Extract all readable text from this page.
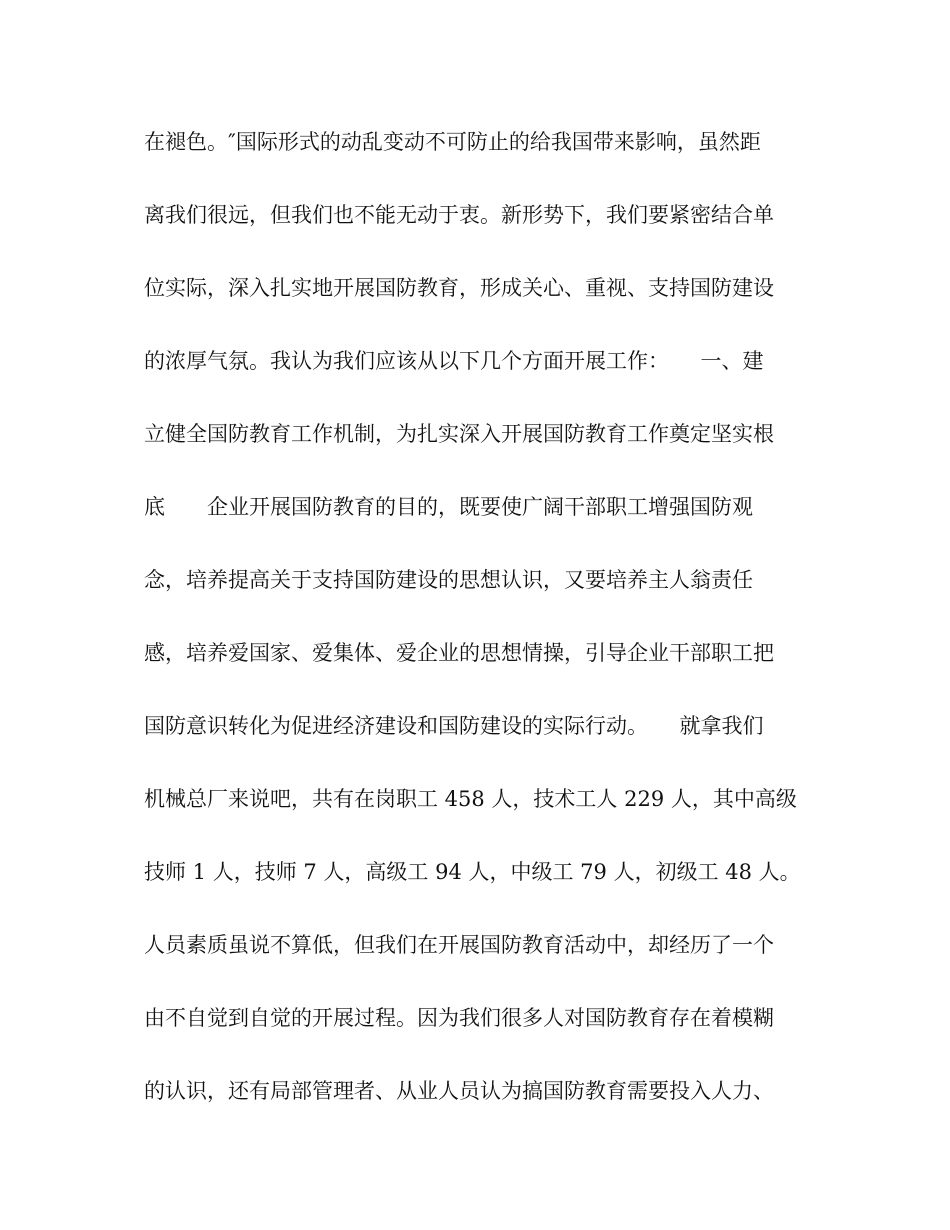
在褪色。″国际形式的动乱变动不可防止的给我国带来影响，虽然距
离我们很远，但我们也不能无动于衷。新形势下，我们要紧密结合单
位实际，深入扎实地开展国防教育，形成关心、重视、支持国防建设
的浓厚气氛。我认为我们应该从以下几个方面开展工作：　　一、建
立健全国防教育工作机制，为扎实深入开展国防教育工作奠定坚实根
底　　企业开展国防教育的目的，既要使广阔干部职工增强国防观
念，培养提高关于支持国防建设的思想认识，又要培养主人翁责任
感，培养爱国家、爱集体、爱企业的思想情操，引导企业干部职工把
国防意识转化为促进经济建设和国防建设的实际行动。　　就拿我们
机械总厂来说吧，共有在岗职工 458 人，技术工人 229 人，其中高级
技师 1 人，技师 7 人，高级工 94 人，中级工 79 人，初级工 48 人。
人员素质虽说不算低，但我们在开展国防教育活动中，却经历了一个
由不自觉到自觉的开展过程。因为我们很多人对国防教育存在着模糊
的认识，还有局部管理者、从业人员认为搞国防教育需要投入人力、
